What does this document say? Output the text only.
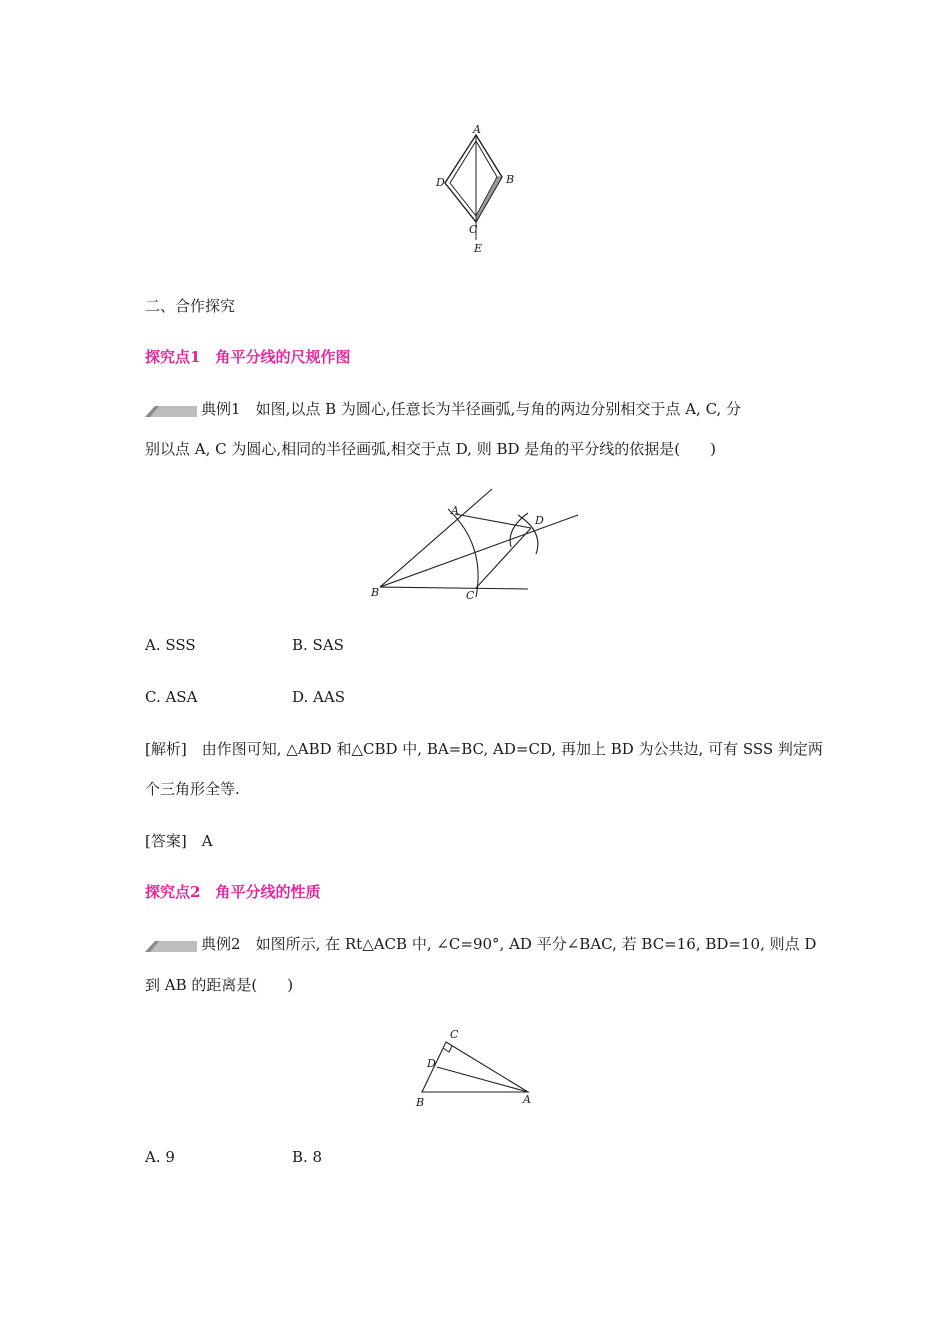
A
B
C
D
E
二、合作探究
探究点1　角平分线的尺规作图
典例1　 如图,以点 B 为圆心,任意长为半径画弧,与角的两边分别相交于点 A, C, 分
别以点 A, C 为圆心,相同的半径画弧,相交于点 D, 则 BD 是角的平分线的依据是(　　)
A
B	C
D
A. SSS	B. SAS
C. ASA	D. AAS
[解析]　 由作图可知, △ABD 和△CBD 中, BA=BC, AD=CD, 再加上 BD 为公共边, 可有 SSS 判定两
个三角形全等.
[答案]　 A
探究点2　角平分线的性质
典例2　 如图所示, 在 Rt△ACB 中, ∠C=90°, AD 平分∠BAC, 若 BC=16, BD=10, 则点 D
到 AB 的距离是(　　)
C
D
B	A
A. 9	B. 8
